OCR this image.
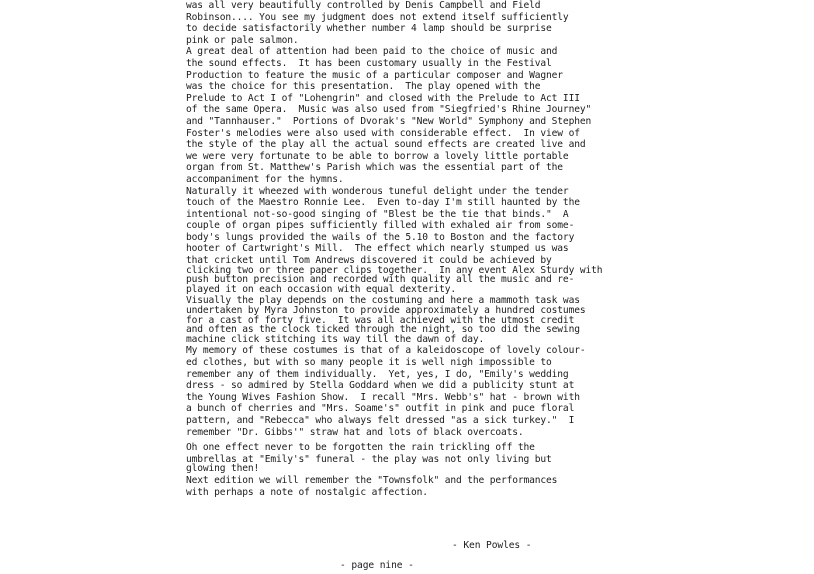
was all very beautifully controlled by Denis Campbell and Field
Robinson.... You see my judgment does not extend itself sufficiently
to decide satisfactorily whether number 4 lamp should be surprise
pink or pale salmon.
A great deal of attention had been paid to the choice of music and
the sound effects.  It has been customary usually in the Festival
Production to feature the music of a particular composer and Wagner
was the choice for this presentation.  The play opened with the
Prelude to Act I of "Lohengrin" and closed with the Prelude to Act III
of the same Opera.  Music was also used from "Siegfried's Rhine Journey"
and "Tannhauser."  Portions of Dvorak's "New World" Symphony and Stephen
Foster's melodies were also used with considerable effect.  In view of
the style of the play all the actual sound effects are created live and
we were very fortunate to be able to borrow a lovely little portable
organ from St. Matthew's Parish which was the essential part of the
accompaniment for the hymns.
Naturally it wheezed with wonderous tuneful delight under the tender
touch of the Maestro Ronnie Lee.  Even to-day I'm still haunted by the
intentional not-so-good singing of "Blest be the tie that binds."  A
couple of organ pipes sufficiently filled with exhaled air from some-
body's lungs provided the wails of the 5.10 to Boston and the factory
hooter of Cartwright's Mill.  The effect which nearly stumped us was
that cricket until Tom Andrews discovered it could be achieved by
clicking two or three paper clips together.  In any event Alex Sturdy with
push button precision and recorded with quality all the music and re-
played it on each occasion with equal dexterity.
Visually the play depends on the costuming and here a mammoth task was
undertaken by Myra Johnston to provide approximately a hundred costumes
for a cast of forty five.  It was all achieved with the utmost credit
and often as the clock ticked through the night, so too did the sewing
machine click stitching its way till the dawn of day.
My memory of these costumes is that of a kaleidoscope of lovely colour-
ed clothes, but with so many people it is well nigh impossible to
remember any of them individually.  Yet, yes, I do, "Emily's wedding
dress - so admired by Stella Goddard when we did a publicity stunt at
the Young Wives Fashion Show.  I recall "Mrs. Webb's" hat - brown with
a bunch of cherries and "Mrs. Soame's" outfit in pink and puce floral
pattern, and "Rebecca" who always felt dressed "as a sick turkey."  I
remember "Dr. Gibbs'" straw hat and lots of black overcoats.
Oh one effect never to be forgotten the rain trickling off the
umbrellas at "Emily's" funeral - the play was not only living but
glowing then!
Next edition we will remember the "Townsfolk" and the performances
with perhaps a note of nostalgic affection.
- Ken Powles -
- page nine -
